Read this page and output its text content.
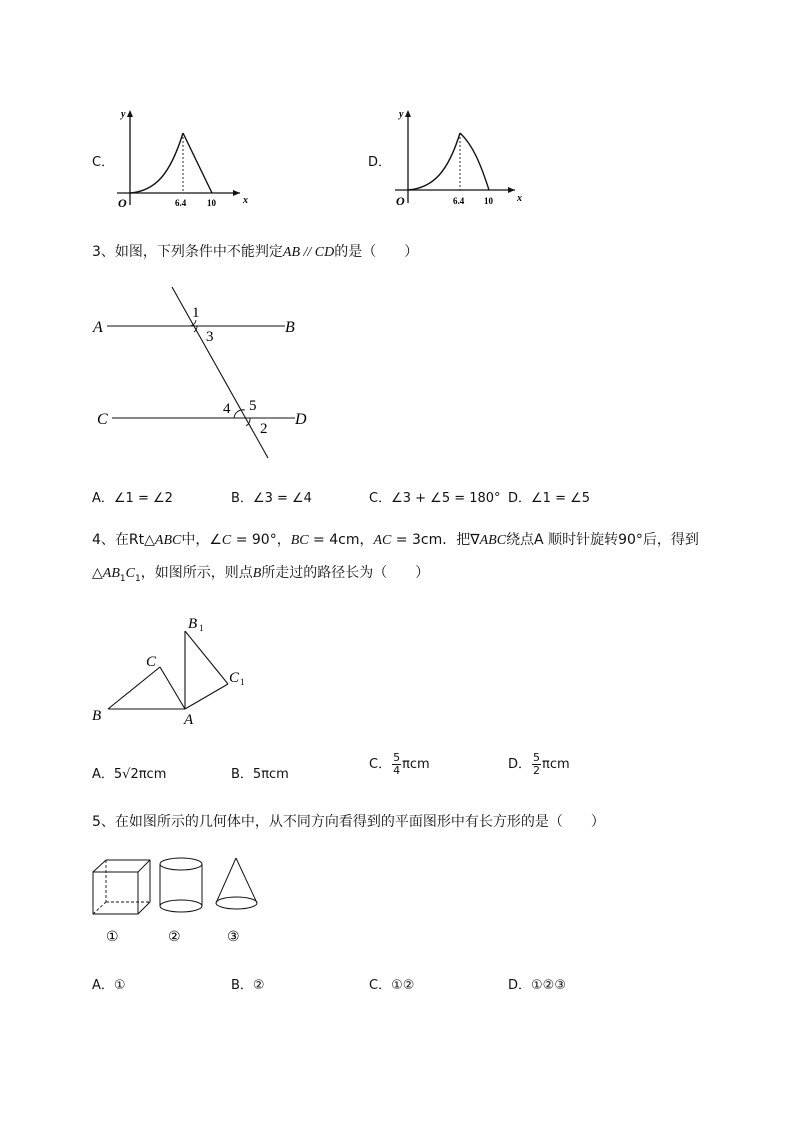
C．
y
x
O	6.4 10
D．
y
x
O	6.4 10
3、如图，下列条件中不能判定AB // CD的是（　　）
A	B
C	D
1
3
4 5
2
A．∠1 = ∠2	B．∠3 = ∠4	C．∠3 + ∠5 = 180° D．∠1 = ∠5
4、在Rt△ABC中，∠C = 90°，BC = 4cm，AC = 3cm．把∇ABC绕点A 顺时针旋转90°后，得到
$\triangle AB_1C_1$，如图所示，则点B所走过的路径长为（　　）
B
C
A
B 1
C 1
A．5√2πcm	B．5πcm
C． $\frac{5}{4}$ πcm	D． $\frac{5}{2}$ πcm
5、在如图所示的几何体中，从不同方向看得到的平面图形中有长方形的是（　　）
①	②	③
A．①	B．②	C．①②	D．①②③
